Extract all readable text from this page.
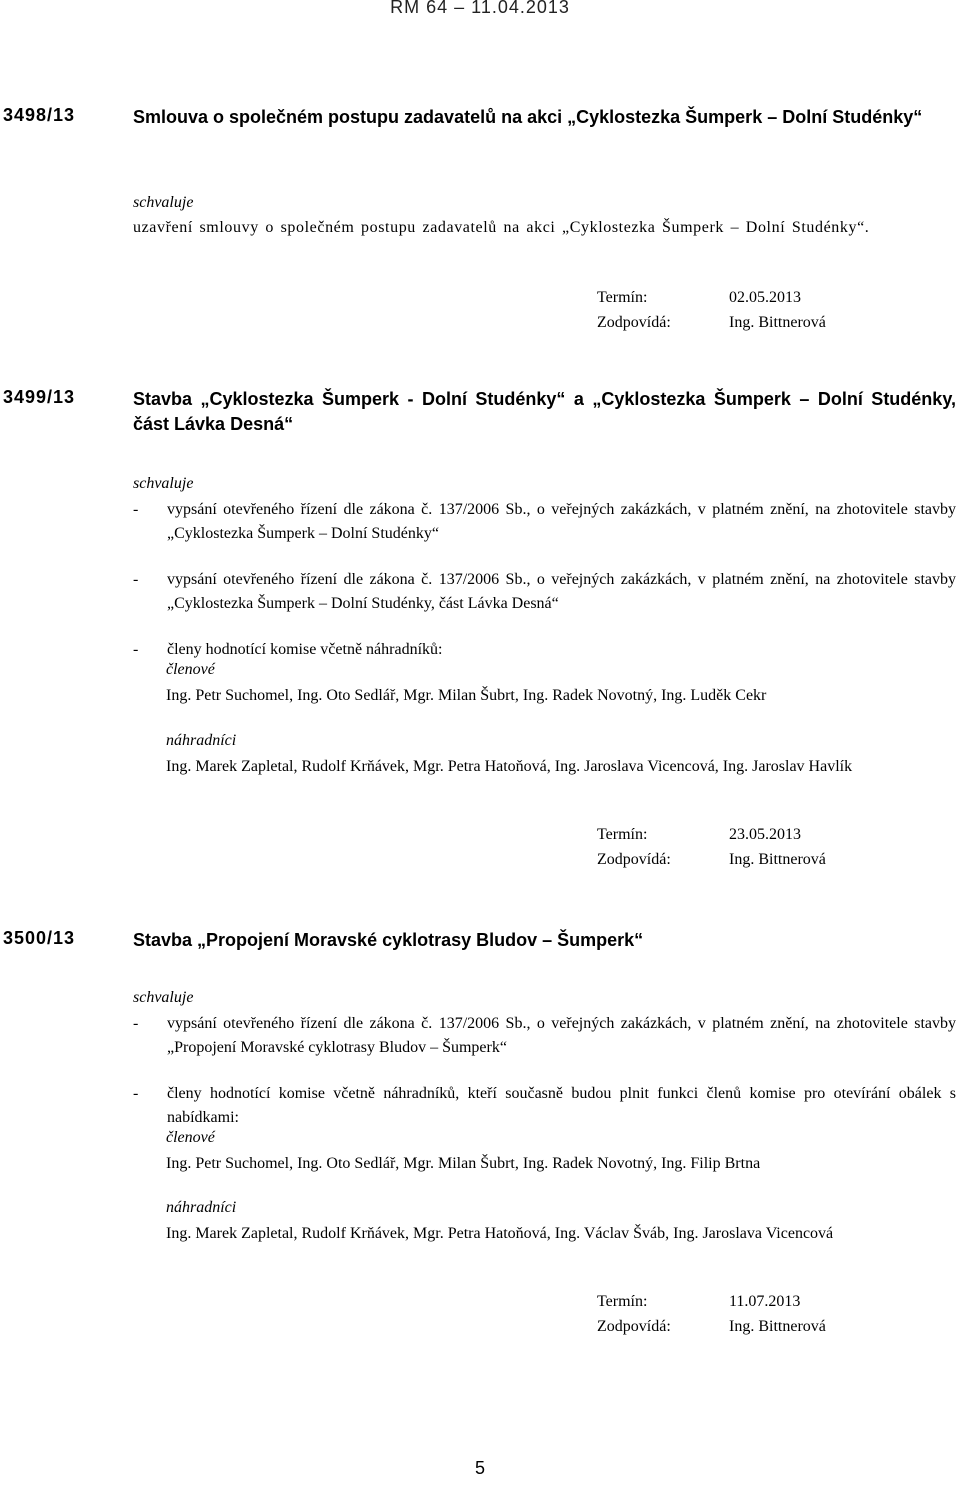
RM 64 – 11.04.2013
3498/13	Smlouva o společném postupu zadavatelů na akci „Cyklostezka Šumperk – Dolní Studénky“
schvaluje
uzavření smlouvy o společném postupu zadavatelů na akci „Cyklostezka Šumperk – Dolní Studénky“.
Termín:	02.05.2013
Zodpovídá:	Ing. Bittnerová
3499/13	Stavba „Cyklostezka Šumperk - Dolní Studénky“ a „Cyklostezka Šumperk – Dolní Studénky, část Lávka Desná“
schvaluje
- vypsání otevřeného řízení dle zákona č. 137/2006 Sb., o veřejných zakázkách, v platném znění, na zhotovitele stavby „Cyklostezka Šumperk – Dolní Studénky“
- vypsání otevřeného řízení dle zákona č. 137/2006 Sb., o veřejných zakázkách, v platném znění, na zhotovitele stavby „Cyklostezka Šumperk – Dolní Studénky, část Lávka Desná“
- členy hodnotící komise včetně náhradníků:
členové
Ing. Petr Suchomel, Ing. Oto Sedlář, Mgr. Milan Šubrt, Ing. Radek Novotný, Ing. Luděk Cekr
náhradníci
Ing. Marek Zapletal, Rudolf Krňávek, Mgr. Petra Hatoňová, Ing. Jaroslava Vicencová, Ing. Jaroslav Havlík
Termín:	23.05.2013
Zodpovídá:	Ing. Bittnerová
3500/13	Stavba „Propojení Moravské cyklotrasy Bludov – Šumperk“
schvaluje
- vypsání otevřeného řízení dle zákona č. 137/2006 Sb., o veřejných zakázkách, v platném znění, na zhotovitele stavby „Propojení Moravské cyklotrasy Bludov – Šumperk“
- členy hodnotící komise včetně náhradníků, kteří současně budou plnit funkci členů komise pro otevírání obálek s nabídkami:
členové
Ing. Petr Suchomel, Ing. Oto Sedlář, Mgr. Milan Šubrt, Ing. Radek Novotný, Ing. Filip Brtna
náhradníci
Ing. Marek Zapletal, Rudolf Krňávek, Mgr. Petra Hatoňová, Ing. Václav Šváb, Ing. Jaroslava Vicencová
Termín:	11.07.2013
Zodpovídá:	Ing. Bittnerová
5
